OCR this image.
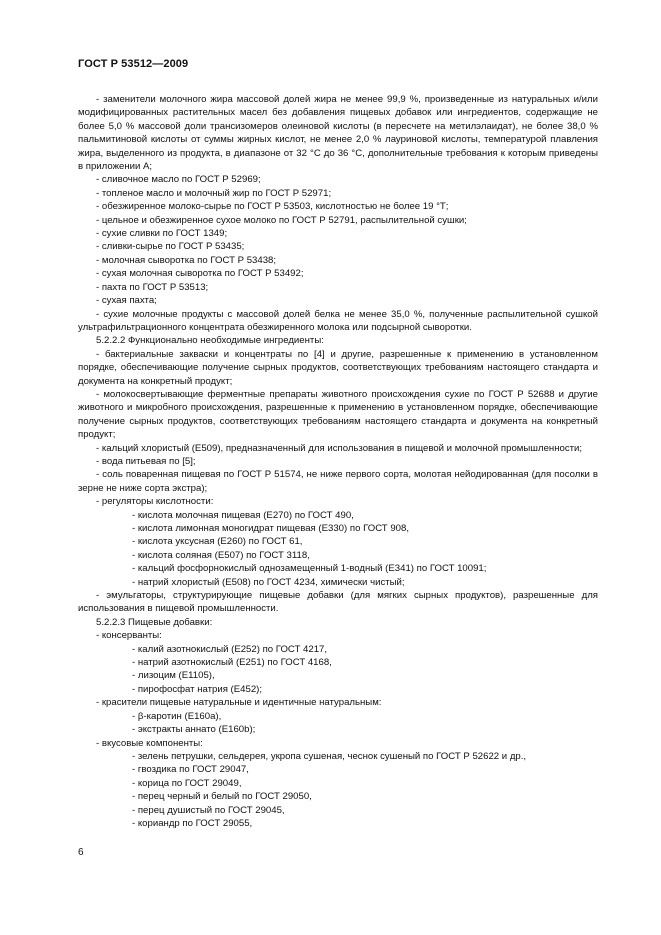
ГОСТ Р 53512—2009

- заменители молочного жира массовой долей жира не менее 99,9 %, произведенные из натуральных и/или модифицированных растительных масел без добавления пищевых добавок или ингредиентов, содержащие не более 5,0 % массовой доли трансизомеров олеиновой кислоты (в пересчете на метилэлаидат), не более 38,0 % пальмитиновой кислоты от суммы жирных кислот, не менее 2,0 % лауриновой кислоты, температурой плавления жира, выделенного из продукта, в диапазоне от 32 °С до 36 °С, дополнительные требования к которым приведены в приложении А;

- сливочное масло по ГОСТ Р 52969;

- топленое масло и молочный жир по ГОСТ Р 52971;

- обезжиренное молоко-сырье по ГОСТ Р 53503, кислотностью не более 19 °Т;

- цельное и обезжиренное сухое молоко по ГОСТ Р 52791, распылительной сушки;

- сухие сливки по ГОСТ 1349;

- сливки-сырье по ГОСТ Р 53435;

- молочная сыворотка по ГОСТ Р 53438;

- сухая молочная сыворотка по ГОСТ Р 53492;

- пахта по ГОСТ Р 53513;

- сухая пахта;

- сухие молочные продукты с массовой долей белка не менее 35,0 %, полученные распылительной сушкой ультрафильтрационного концентрата обезжиренного молока или подсырной сыворотки.

5.2.2.2 Функционально необходимые ингредиенты:

- бактериальные закваски и концентраты по [4] и другие, разрешенные к применению в установленном порядке, обеспечивающие получение сырных продуктов, соответствующих требованиям настоящего стандарта и документа на конкретный продукт;

- молокосвертывающие ферментные препараты животного происхождения сухие по ГОСТ Р 52688 и другие животного и микробного происхождения, разрешенные к применению в установленном порядке, обеспечивающие получение сырных продуктов, соответствующих требованиям настоящего стандарта и документа на конкретный продукт;

- кальций хлористый (Е509), предназначенный для использования в пищевой и молочной промышленности;

- вода питьевая по [5];

- соль поваренная пищевая по ГОСТ Р 51574, не ниже первого сорта, молотая нейодированная (для посолки в зерне не ниже сорта экстра);

- регуляторы кислотности:

- кислота молочная пищевая (Е270) по ГОСТ 490,

- кислота лимонная моногидрат пищевая (Е330) по ГОСТ 908,

- кислота уксусная (Е260) по ГОСТ 61,

- кислота соляная (Е507) по ГОСТ 3118,

- кальций фосфорнокислый однозамещенный 1-водный (Е341) по ГОСТ 10091;

- натрий хлористый (Е508) по ГОСТ 4234, химически чистый;

- эмульгаторы, структурирующие пищевые добавки (для мягких сырных продуктов), разрешенные для использования в пищевой промышленности.

5.2.2.3 Пищевые добавки:

- консерванты:

- калий азотнокислый (Е252) по ГОСТ 4217,

- натрий азотнокислый (Е251) по ГОСТ 4168,

- лизоцим (Е1105),

- пирофосфат натрия (Е452);

- красители пищевые натуральные и идентичные натуральным:

- β-каротин (Е160а),

- экстракты аннато (Е160b);

- вкусовые компоненты:

- зелень петрушки, сельдерея, укропа сушеная, чеснок сушеный по ГОСТ Р 52622 и др.,

- гвоздика по ГОСТ 29047,

- корица по ГОСТ 29049,

- перец черный и белый по ГОСТ 29050,

- перец душистый по ГОСТ 29045,

- кориандр по ГОСТ 29055,

6
